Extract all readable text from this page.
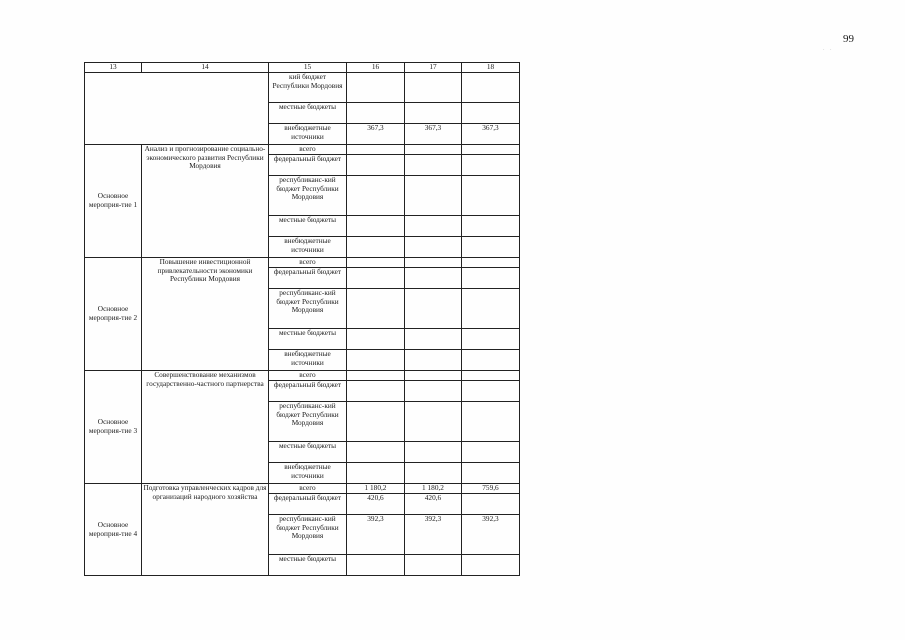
99
. .
13	14	15	16	17	18
		кий бюджет Республики Мордовия			
		местные бюджеты			
		внебюджетные источники	367,3	367,3	367,3
Основное мероприя-тие 1	Анализ и прогнозирование социально-экономического развития Республики Мордовия	всего			
		федеральный бюджет			
		республиканс-кий бюджет Республики Мордовия			
		местные бюджеты			
		внебюджетные источники			
Основное мероприя-тие 2	Повышение инвестиционной привлекательности экономики Республики Мордовия	всего			
		федеральный бюджет			
		республиканс-кий бюджет Республики Мордовия			
		местные бюджеты			
		внебюджетные источники			
Основное мероприя-тие 3	Совершенствование механизмов государственно-частного партнерства	всего			
		федеральный бюджет			
		республиканс-кий бюджет Республики Мордовия			
		местные бюджеты			
		внебюджетные источники			
Основное мероприя-тие 4	Подготовка управленческих кадров для организаций народного хозяйства	всего	1 180,2	1 180,2	759,6
		федеральный бюджет	420,6	420,6	
		республиканс-кий бюджет Республики Мордовия	392,3	392,3	392,3
		местные бюджеты			
